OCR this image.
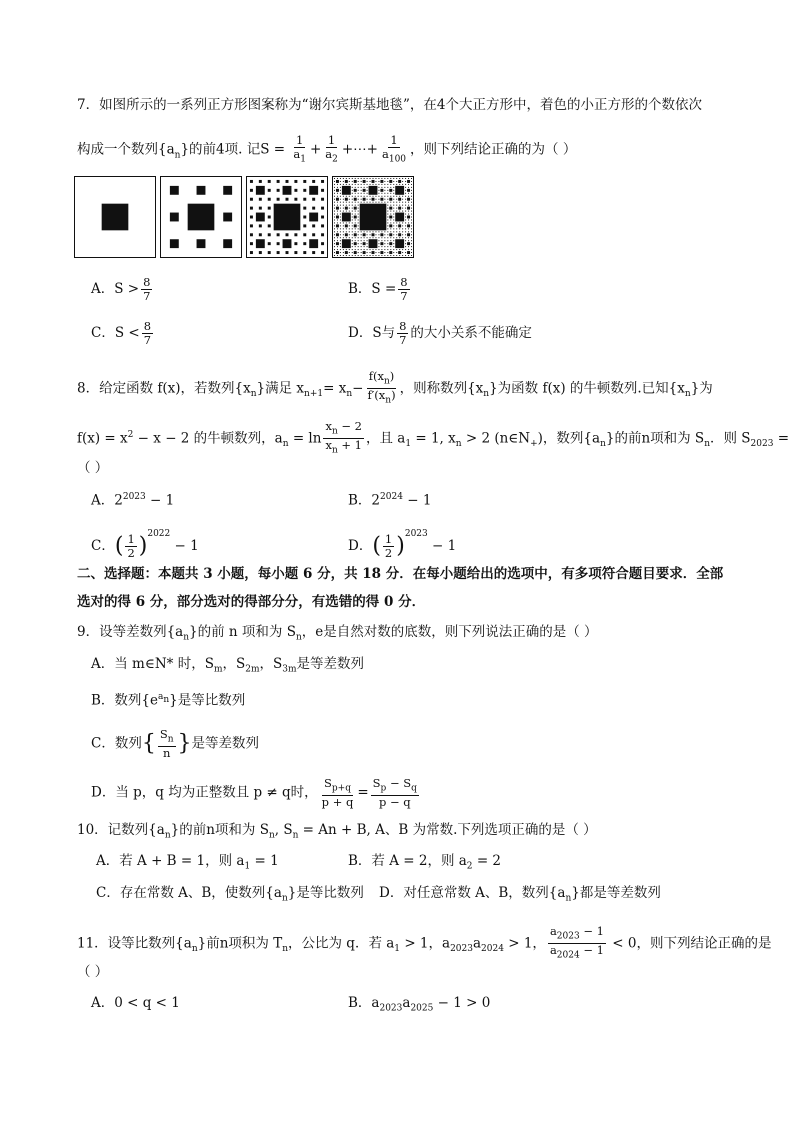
7．如图所示的一系列正方形图案称为“谢尔宾斯基地毯”，在4个大正方形中，着色的小正方形的个数依次
构成一个数列$\{a_n\}$的前4项. 记$S = \frac{1}{a_1} + \frac{1}{a_2}$ +⋯+ $\frac{1}{a_{100}}$ ，则下列结论正确的为（ ）
A．$S > \frac{8}{7}$	B．$S = \frac{8}{7}$
C．$S < \frac{8}{7}$	D．S与 $\frac{8}{7}$ 的大小关系不能确定
8．给定函数 f(x)，若数列$\{x_n\}$满足 $x_{n+1}= x_n- \frac{f(x_n)}{f'(x_n)}$ ，则称数列$\{x_n\}$为函数 f(x) 的牛顿数列.已知$\{x_n\}$为
$f(x) = x^2 - x - 2$ 的牛顿数列，$a_n = \ln \frac{x_n - 2}{x_n + 1}$ ，且 $a_1 = 1$, $x_n > 2$ $(n\in N_+)$，数列$\{a_n\}$的前n项和为 $S_n$．则 $S_{2023}$ =
（ ）
A．$2^{2023} - 1$	B．$2^{2024} - 1$
C．( $\frac{1}{2} )^{2022} - 1$	D．( $\frac{1}{2} )^{2023} - 1$
二、选择题：本题共 3 小题，每小题 6 分，共 18 分．在每小题给出的选项中，有多项符合题目要求．全部
选对的得 6 分，部分选对的得部分分，有选错的得 0 分．
9．设等差数列$\{a_n\}$的前 n 项和为 $S_n$，e是自然对数的底数，则下列说法正确的是（ ）
A．当 m∈N* 时，$S_m$，$S_{2m}$，$S_{3m}$是等差数列
B．数列$\{e^{a_n}\}$是等比数列
C．数列{ $\frac{S_n}{n}$ }是等差数列
D．当 p，q 均为正整数且 p ≠ q时， $\frac{S_{p+q}}{p + q} = \frac{S_p - S_q}{p - q}$
10．记数列$\{a_n\}$的前n项和为 $S_n$, $S_n = An + B$, A、B 为常数.下列选项正确的是（ ）
A．若 A + B = 1，则 $a_1 = 1$	B．若 A = 2，则 $a_2 = 2$
C．存在常数 A、B，使数列$\{a_n\}$是等比数列 D．对任意常数 A、B，数列$\{a_n\}$都是等差数列
11．设等比数列$\{a_n\}$前n项积为 $T_n$，公比为 q．若 $a_1 > 1$，$a_{2023}a_{2024} > 1$， $\frac{a_{2023} - 1}{a_{2024} - 1} < 0$，则下列结论正确的是
（ ）
A．0 < q < 1	B．$a_{2023}a_{2025} - 1 > 0$
